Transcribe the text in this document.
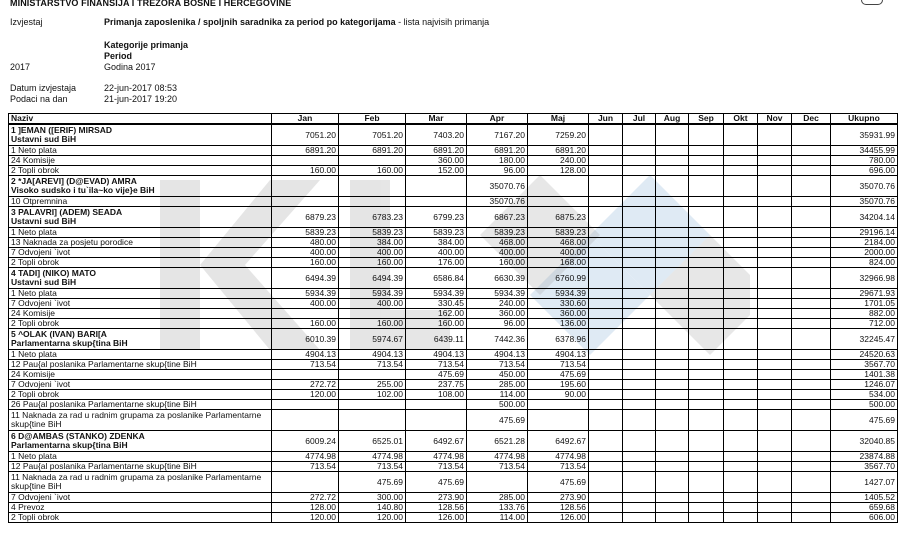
MINISTARSTVO FINANSIJA I TREZORA BOSNE I HERCEGOVINE
Izvjestaj	Primanja zaposlenika / spoljnih saradnika za period po kategorijama - lista najvisih primanja
Kategorije primanja
Period
2017	Godina 2017
Datum izvjestaja	22-jun-2017 08:53
Podaci na dan	21-jun-2017 19:20
Naziv	Jan	Feb	Mar	Apr	Maj	Jun	Jul	Aug	Sep	Okt	Nov	Dec	Ukupno

1 ]EMAN ([ERIF) MIRSAD
Ustavni sud BiH	7051.20	7051.20	7403.20	7167.20	7259.20								35931.99
1 Neto plata	6891.20	6891.20	6891.20	6891.20	6891.20								34455.99
24 Komisije			360.00	180.00	240.00								780.00
2 Topli obrok	160.00	160.00	152.00	96.00	128.00								696.00

2 *JA[AREVI] (D@EVAD) AMRA
Visoko sudsko i tu`ila~ko vije}e BiH				35070.76									35070.76
10 Otpremnina				35070.76									35070.76

3 PALAVRI] (ADEM) SEADA
Ustavni sud BiH	6879.23	6783.23	6799.23	6867.23	6875.23								34204.14
1 Neto plata	5839.23	5839.23	5839.23	5839.23	5839.23								29196.14
13 Naknada za posjetu porodice	480.00	384.00	384.00	468.00	468.00								2184.00
7 Odvojeni `ivot	400.00	400.00	400.00	400.00	400.00								2000.00
2 Topli obrok	160.00	160.00	176.00	160.00	168.00								824.00

4 TADI] (NIKO) MATO
Ustavni sud BiH	6494.39	6494.39	6586.84	6630.39	6760.99								32966.98
1 Neto plata	5934.39	5934.39	5934.39	5934.39	5934.39								29671.93
7 Odvojeni `ivot	400.00	400.00	330.45	240.00	330.60								1701.05
24 Komisije			162.00	360.00	360.00								882.00
2 Topli obrok	160.00	160.00	160.00	96.00	136.00								712.00

5 ^OLAK (IVAN) BARI[A
Parlamentarna skup{tina BiH	6010.39	5974.67	6439.11	7442.36	6378.96								32245.47
1 Neto plata	4904.13	4904.13	4904.13	4904.13	4904.13								24520.63
12 Pau{al poslanika Parlamentarne skup{tine BiH	713.54	713.54	713.54	713.54	713.54								3567.70
24 Komisije			475.69	450.00	475.69								1401.38
7 Odvojeni `ivot	272.72	255.00	237.75	285.00	195.60								1246.07
2 Topli obrok	120.00	102.00	108.00	114.00	90.00								534.00
26 Pau{al poslanika Parlamentarne skup{tine BiH				500.00									500.00
11 Naknada za rad u radnim grupama za poslanike Parlamentarne skup{tine BiH				475.69									475.69

6 D@AMBAS (STANKO) ZDENKA
Parlamentarna skup{tina BiH	6009.24	6525.01	6492.67	6521.28	6492.67								32040.85
1 Neto plata	4774.98	4774.98	4774.98	4774.98	4774.98								23874.88
12 Pau{al poslanika Parlamentarne skup{tine BiH	713.54	713.54	713.54	713.54	713.54								3567.70
11 Naknada za rad u radnim grupama za poslanike Parlamentarne skup{tine BiH		475.69	475.69		475.69								1427.07
7 Odvojeni `ivot	272.72	300.00	273.90	285.00	273.90								1405.52
4 Prevoz	128.00	140.80	128.56	133.76	128.56								659.68
2 Topli obrok	120.00	120.00	126.00	114.00	126.00								606.00
